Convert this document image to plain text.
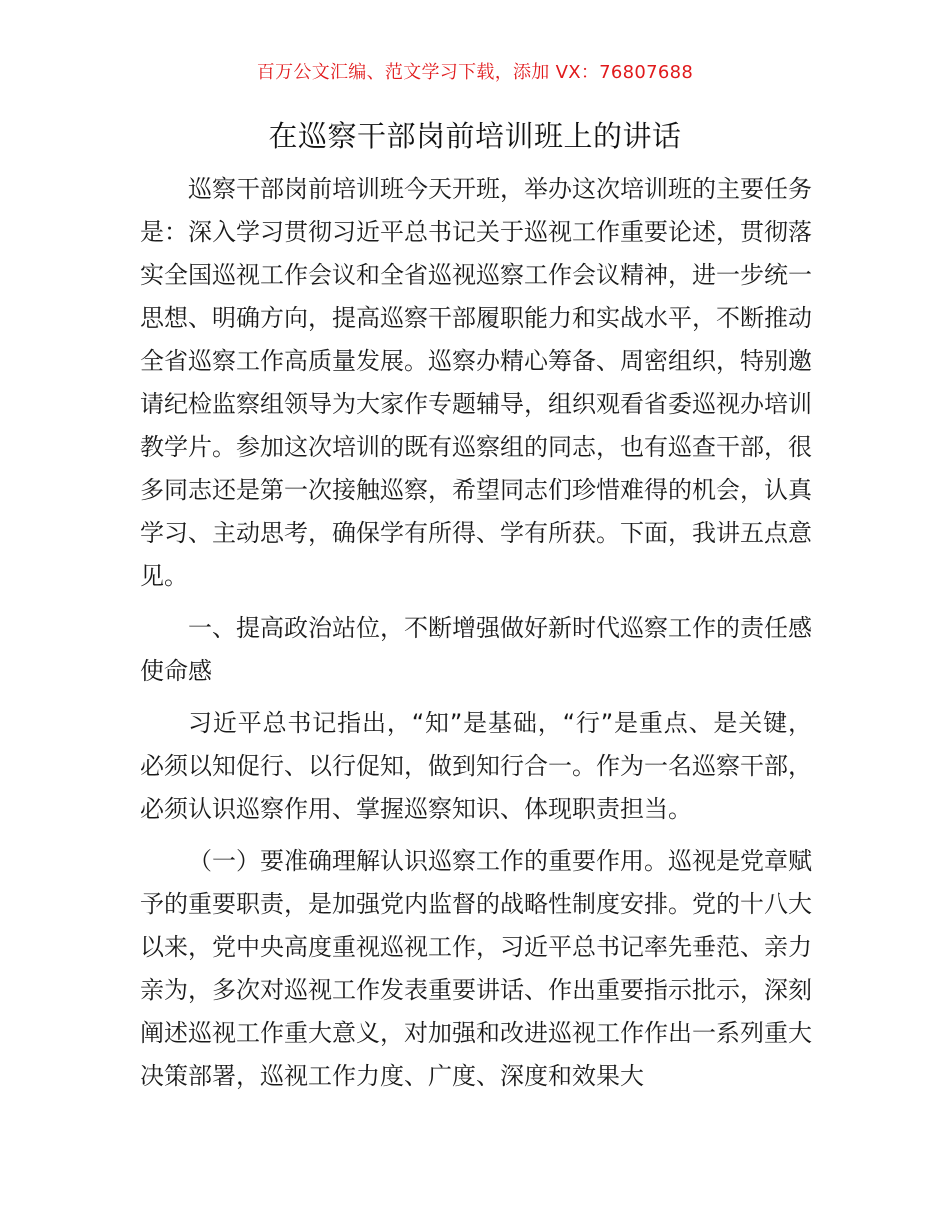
百万公文汇编、范文学习下载，添加 VX：76807688
在巡察干部岗前培训班上的讲话

巡察干部岗前培训班今天开班，举办这次培训班的主要任务是：深入学习贯彻习近平总书记关于巡视工作重要论述，贯彻落实全国巡视工作会议和全省巡视巡察工作会议精神，进一步统一思想、明确方向，提高巡察干部履职能力和实战水平，不断推动全省巡察工作高质量发展。巡察办精心筹备、周密组织，特别邀请纪检监察组领导为大家作专题辅导，组织观看省委巡视办培训教学片。参加这次培训的既有巡察组的同志，也有巡查干部，很多同志还是第一次接触巡察，希望同志们珍惜难得的机会，认真学习、主动思考，确保学有所得、学有所获。下面，我讲五点意见。

一、提高政治站位，不断增强做好新时代巡察工作的责任感使命感

习近平总书记指出，“知”是基础，“行”是重点、是关键，必须以知促行、以行促知，做到知行合一。作为一名巡察干部，必须认识巡察作用、掌握巡察知识、体现职责担当。

（一）要准确理解认识巡察工作的重要作用。巡视是党章赋予的重要职责，是加强党内监督的战略性制度安排。党的十八大以来，党中央高度重视巡视工作，习近平总书记率先垂范、亲力亲为，多次对巡视工作发表重要讲话、作出重要指示批示，深刻阐述巡视工作重大意义，对加强和改进巡视工作作出一系列重大决策部署，巡视工作力度、广度、深度和效果大
